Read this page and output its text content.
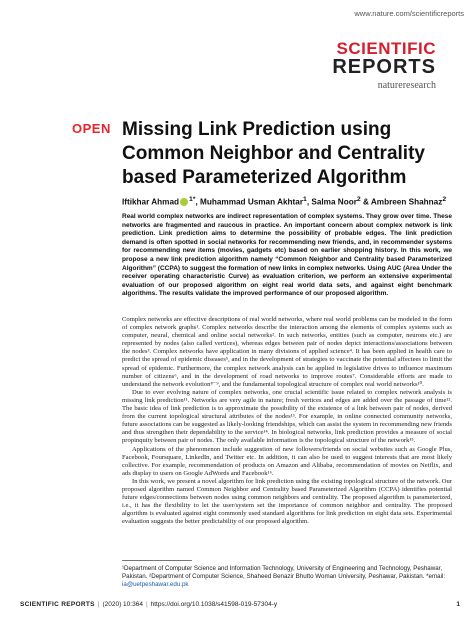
www.nature.com/scientificreports
SCIENTIFIC
REPORTS
natureresearch
OPEN Missing Link Prediction using Common Neighbor and Centrality based Parameterized Algorithm
Iftikhar Ahmad $^{1*}$, Muhammad Usman Akhtar$^1$, Salma Noor$^2$ & Ambreen Shahnaz$^2$

Real world complex networks are indirect representation of complex systems. They grow over time. These networks are fragmented and raucous in practice. An important concern about complex network is link prediction. Link prediction aims to determine the possibility of probable edges. The link prediction demand is often spotted in social networks for recommending new friends, and, in recommender systems for recommending new items (movies, gadgets etc) based on earlier shopping history. In this work, we propose a new link prediction algorithm namely “Common Neighbor and Centrality based Parameterized Algorithm” (CCPA) to suggest the formation of new links in complex networks. Using AUC (Area Under the receiver operating characteristic Curve) as evaluation criterion, we perform an extensive experimental evaluation of our proposed algorithm on eight real world data sets, and against eight benchmark algorithms. The results validate the improved performance of our proposed algorithm.

Complex networks are effective descriptions of real world networks, where real world problems can be modeled in the form of complex network graphs¹. Complex networks describe the interaction among the elements of complex systems such as computer, neural, chemical and online social networks². In such networks, entities (such as computer, neurons etc.) are represented by nodes (also called vertices), whereas edges between pair of nodes depict interactions/associations between the nodes³. Complex networks have application in many divisions of applied science⁴. It has been applied in health care to predict the spread of epidemic diseases⁵, and in the development of strategies to vaccinate the potential affectees to limit the spread of epidemic. Furthermore, the complex network analysis can be applied in legislative drives to influence maximum number of citizens⁶, and in the development of road networks to improve routes⁷. Considerable efforts are made to understand the network evolution⁸⁻⁹, and the fundamental topological structure of complex real world networks¹⁰.

Due to ever evolving nature of complex networks, one crucial scientific issue related to complex network analysis is missing link prediction¹¹. Networks are very agile in nature; fresh vertices and edges are added over the passage of time¹². The basic idea of link prediction is to approximate the possibility of the existence of a link between pair of nodes, derived from the current topological structural attributes of the nodes¹³. For example, in online connected community networks, future associations can be suggested as likely-looking friendships, which can assist the system in recommending new friends and thus strengthen their dependability to the service¹⁴. In biological networks, link prediction provides a measure of social propinquity between pair of nodes. The only available information is the topological structure of the network¹⁵.

Applications of the phenomenon include suggestion of new followers/friends on social websites such as Google Plus, Facebook, Foursquare, LinkedIn, and Twitter etc. In addition, it can also be used to suggest interests that are most likely collective. For example, recommendation of products on Amazon and Alibaba, recommendation of movies on Netflix, and ads display to users on Google AdWords and Facebook¹⁶.

In this work, we present a novel algorithm for link prediction using the existing topological structure of the network. Our proposed algorithm named Common Neighbor and Centrality based Parameterized Algorithm (CCPA) identifies potential future edges/connections between nodes using common neighbors and centrality. The proposed algorithm is parameterized, i.e., it has the flexibility to let the user/system set the importance of common neighbor and centrality. The proposed algorithm is evaluated against eight commonly used standard algorithms for link prediction on eight data sets. Experimental evaluation suggests the better predictability of our proposed algorithm.

¹Department of Computer Science and Information Technology, University of Engineering and Technology, Peshawar, Pakistan. ²Department of Computer Science, Shaheed Benazir Bhutto Woman University, Peshawar, Pakistan. *email: ia@uetpeshawar.edu.pk
SCIENTIFIC REPORTS | (2020) 10:364 | https://doi.org/10.1038/s41598-019-57304-y	1
